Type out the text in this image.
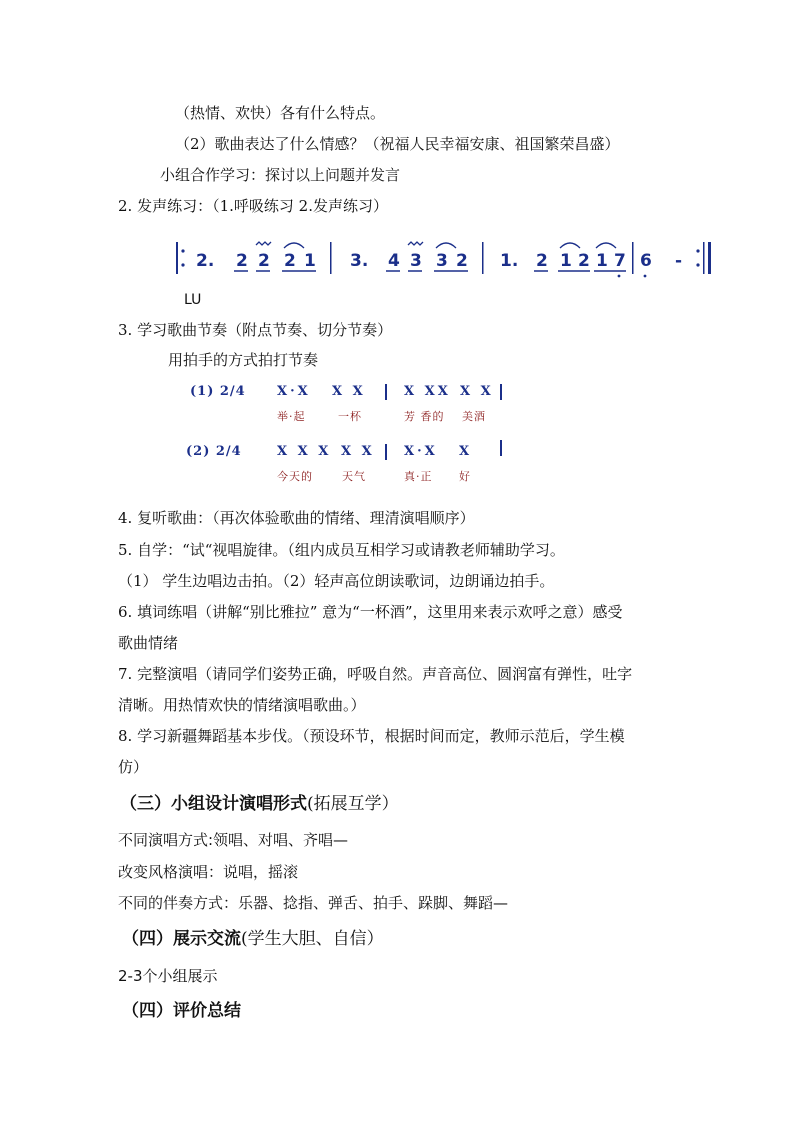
（热情、欢快）各有什么特点。
（2）歌曲表达了什么情感？（祝福人民幸福安康、祖国繁荣昌盛）
小组合作学习：探讨以上问题并发言
2. 发声练习：（1.呼吸练习 2.发声练习）
2. 2 2 2 1 3. 4 3 3 2 1. 2 1 2 1 7 6 -
LU
3. 学习歌曲节奏（附点节奏、切分节奏）
用拍手的方式拍打节奏
(1) 2/4 X·X X X	X XX X X
举·起	一杯	芳 香的 美酒
(2) 2/4	X X X X X X·X X
今天的	天气	真·正 好
4. 复听歌曲：（再次体验歌曲的情绪、理清演唱顺序）
5. 自学：“试“视唱旋律。（组内成员互相学习或请教老师辅助学习。
（1） 学生边唱边击拍。（2）轻声高位朗读歌词，边朗诵边拍手。
6. 填词练唱（讲解“别比雅拉” 意为“一杯酒”，这里用来表示欢呼之意）感受
歌曲情绪
7. 完整演唱（请同学们姿势正确，呼吸自然。声音高位、圆润富有弹性，吐字
清晰。用热情欢快的情绪演唱歌曲。）
8. 学习新疆舞蹈基本步伐。（预设环节，根据时间而定，教师示范后，学生模
仿）
（三）小组设计演唱形式(拓展互学）
不同演唱方式:领唱、对唱、齐唱—
改变风格演唱：说唱，摇滚
不同的伴奏方式：乐器、捻指、弹舌、拍手、跺脚、舞蹈—
（四）展示交流(学生大胆、自信）
2-3个小组展示
（四）评价总结
